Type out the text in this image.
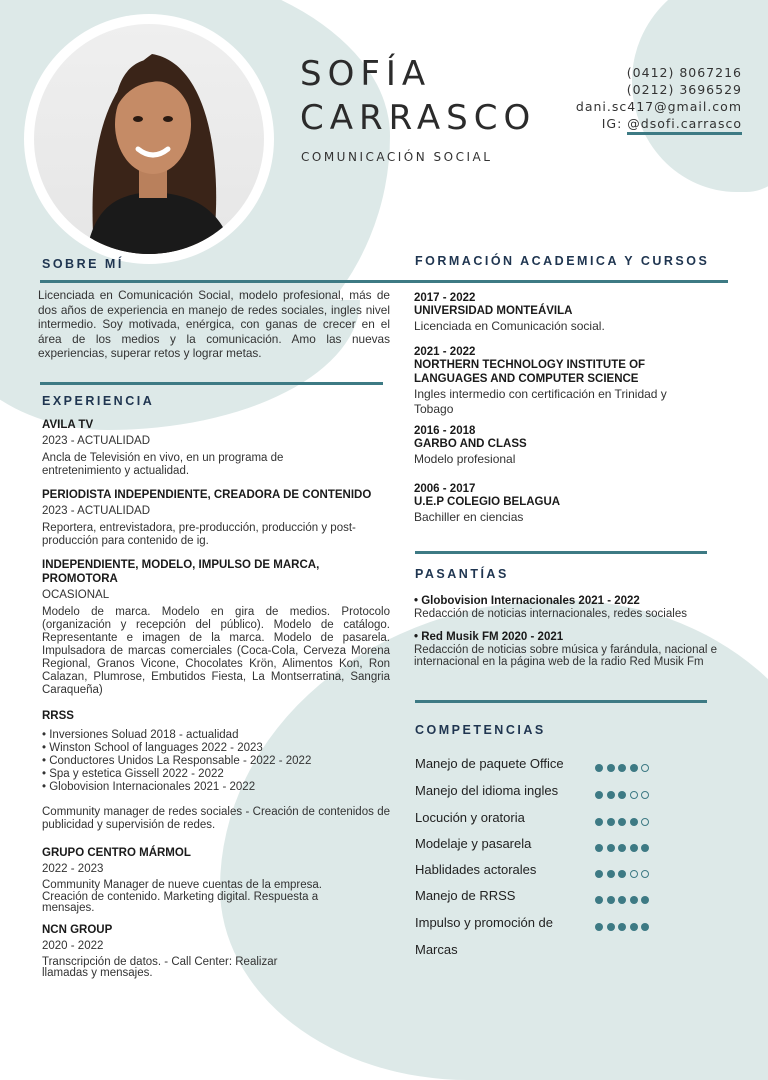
SOFÍA
CARRASCO
COMUNICACIÓN SOCIAL
(0412) 8067216
(0212) 3696529
dani.sc417@gmail.com
IG: @dsofi.carrasco
SOBRE MÍ	FORMACIÓN ACADEMICA Y CURSOS
EXPERIENCIA
PASANTÍAS
COMPETENCIAS
Licenciada en Comunicación Social, modelo profesional, más de dos años de experiencia en manejo de redes sociales, ingles nivel intermedio. Soy motivada, enérgica, con ganas de crecer en el área de los medios y la comunicación. Amo las nuevas experiencias, superar retos y lograr metas.
AVILA TV
2023 - ACTUALIDAD
Ancla de Televisión en vivo, en un programa de entretenimiento y actualidad.
PERIODISTA INDEPENDIENTE, CREADORA DE CONTENIDO
2023 - ACTUALIDAD
Reportera, entrevistadora, pre-producción, producción y post-producción para contenido de ig.
INDEPENDIENTE, MODELO, IMPULSO DE MARCA, PROMOTORA
OCASIONAL
Modelo de marca. Modelo en gira de medios. Protocolo (organización y recepción del público). Modelo de catálogo. Representante e imagen de la marca. Modelo de pasarela. Impulsadora de marcas comerciales (Coca-Cola, Cerveza Morena Regional, Granos Vicone, Chocolates Krön, Alimentos Kon, Ron Calazan, Plumrose, Embutidos Fiesta, La Montserratina, Sangria Caraqueña)
RRSS
• Inversiones Soluad 2018 - actualidad
• Winston School of languages 2022 - 2023
• Conductores Unidos La Responsable - 2022 - 2022
• Spa y estetica Gissell 2022 - 2022
• Globovision Internacionales 2021 - 2022
Community manager de redes sociales - Creación de contenidos de publicidad y supervisión de redes.
GRUPO CENTRO MÁRMOL
2022 - 2023
Community Manager de nueve cuentas de la empresa. Creación de contenido. Marketing digital. Respuesta a mensajes.
NCN GROUP
2020 - 2022
Transcripción de datos. - Call Center: Realizar llamadas y mensajes.
2017 - 2022
UNIVERSIDAD MONTEÁVILA
Licenciada en Comunicación social.
2021 - 2022
NORTHERN TECHNOLOGY INSTITUTE OF LANGUAGES AND COMPUTER SCIENCE
Ingles intermedio con certificación en Trinidad y Tobago
2016 - 2018
GARBO AND CLASS
Modelo profesional
2006 - 2017
U.E.P COLEGIO BELAGUA
Bachiller en ciencias
• Globovision Internacionales 2021 - 2022
Redacción de noticias internacionales, redes sociales
• Red Musik FM 2020 - 2021
Redacción de noticias sobre música y farándula, nacional e internacional en la página web de la radio Red Musik Fm
Manejo de paquete Office
Manejo del idioma ingles
Locución y oratoria
Modelaje y pasarela
Hablidades actorales
Manejo de RRSS
Impulso y promoción de
Marcas
